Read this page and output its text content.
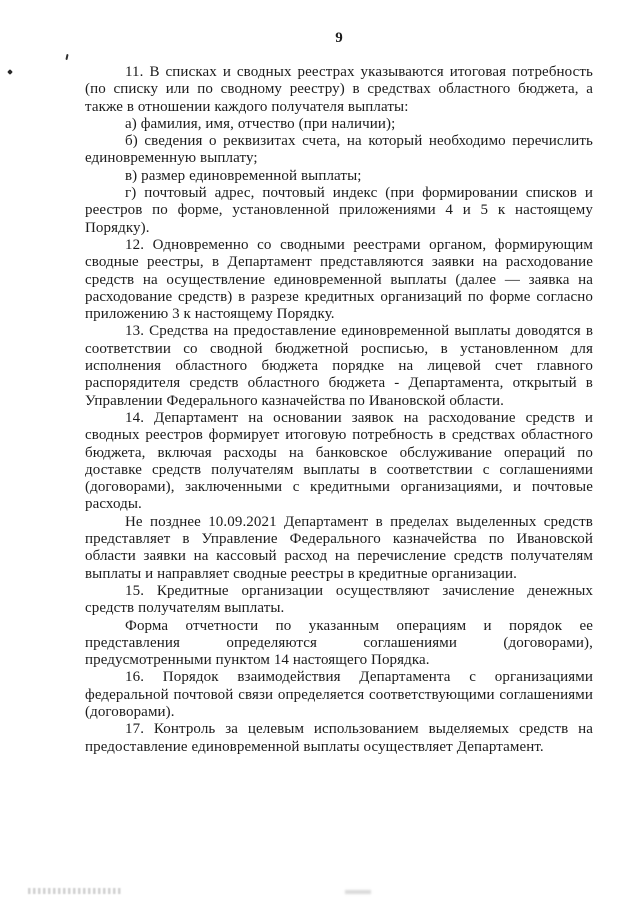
9

11. В списках и сводных реестрах указываются итоговая потребность (по списку или по сводному реестру) в средствах областного бюджета, а также в отношении каждого получателя выплаты:

а) фамилия, имя, отчество (при наличии);

б) сведения о реквизитах счета, на который необходимо перечислить единовременную выплату;

в) размер единовременной выплаты;

г) почтовый адрес, почтовый индекс (при формировании списков и реестров по форме, установленной приложениями 4 и 5 к настоящему Порядку).

12. Одновременно со сводными реестрами органом, формирующим сводные реестры, в Департамент представляются заявки на расходование средств на осуществление единовременной выплаты (далее — заявка на расходование средств) в разрезе кредитных организаций по форме согласно приложению 3 к настоящему Порядку.

13. Средства на предоставление единовременной выплаты доводятся в соответствии со сводной бюджетной росписью, в установленном для исполнения областного бюджета порядке на лицевой счет главного распорядителя средств областного бюджета - Департамента, открытый в Управлении Федерального казначейства по Ивановской области.

14. Департамент на основании заявок на расходование средств и сводных реестров формирует итоговую потребность в средствах областного бюджета, включая расходы на банковское обслуживание операций по доставке средств получателям выплаты в соответствии с соглашениями (договорами), заключенными с кредитными организациями, и почтовые расходы.

Не позднее 10.09.2021 Департамент в пределах выделенных средств представляет в Управление Федерального казначейства по Ивановской области заявки на кассовый расход на перечисление средств получателям выплаты и направляет сводные реестры в кредитные организации.

15. Кредитные организации осуществляют зачисление денежных средств получателям выплаты.

Форма отчетности по указанным операциям и порядок ее представления определяются соглашениями (договорами), предусмотренными пунктом 14 настоящего Порядка.

16. Порядок взаимодействия Департамента с организациями федеральной почтовой связи определяется соответствующими соглашениями (договорами).

17. Контроль за целевым использованием выделяемых средств на предоставление единовременной выплаты осуществляет Департамент.
